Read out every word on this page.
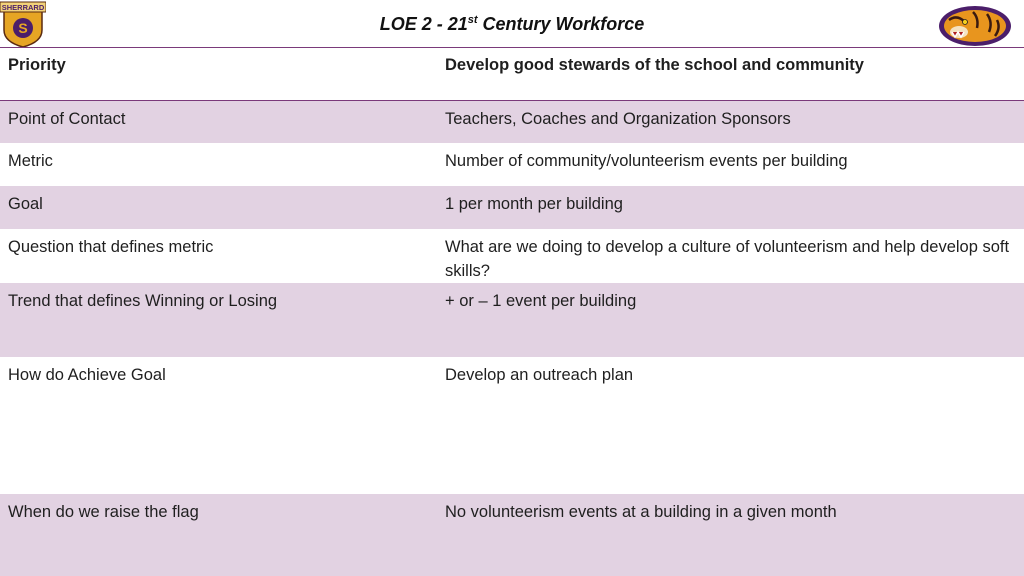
SHERRARD
S	LOE 2 - 21st Century Workforce
Priority	Develop good stewards of the school and community
Point of Contact	Teachers, Coaches and Organization Sponsors
Metric	Number of community/volunteerism events per building
Goal	1 per month per building
Question that defines metric	What are we doing to develop a culture of volunteerism and help develop soft skills?
Trend that defines Winning or Losing	+ or – 1 event per building
How do Achieve Goal	Develop an outreach plan
When do we raise the flag	No volunteerism events at a building in a given month
